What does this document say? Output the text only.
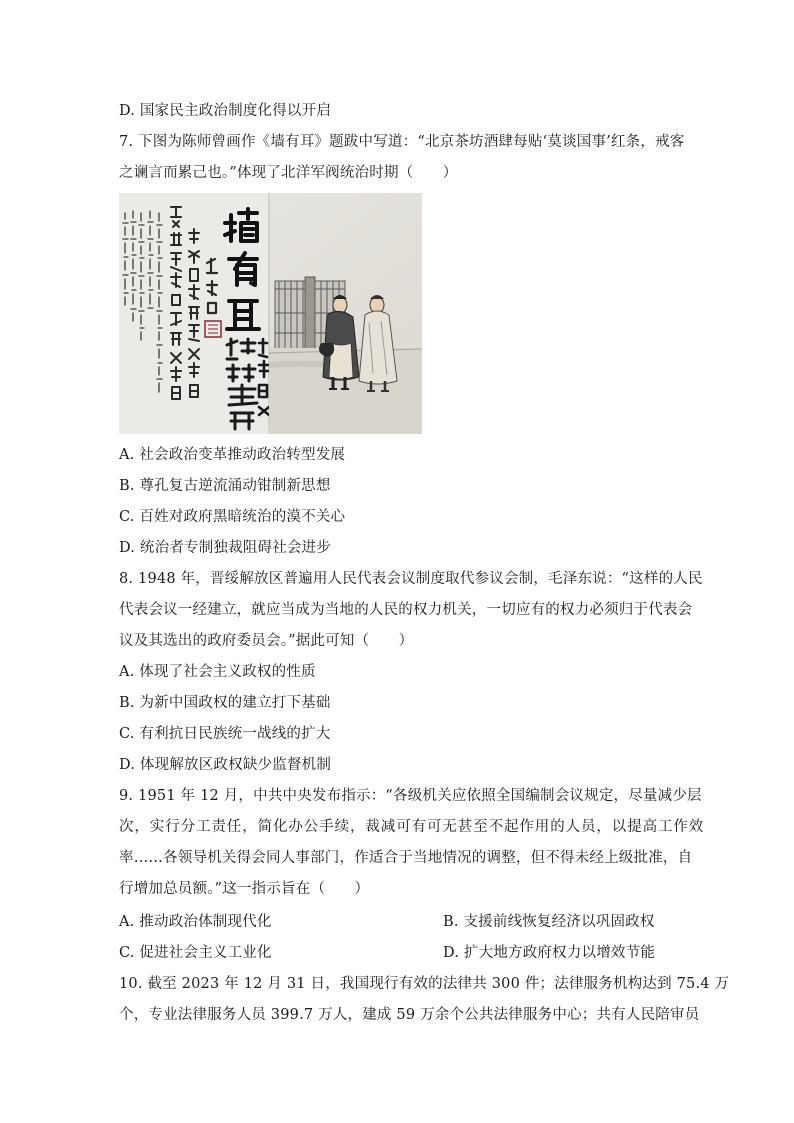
D. 国家民主政治制度化得以开启
7. 下图为陈师曾画作《墙有耳》题跋中写道：“北京茶坊酒肆每贴‘莫谈国事’红条，戒客
之谰言而累己也。”体现了北洋军阀统治时期（　　）
A. 社会政治变革推动政治转型发展
B. 尊孔复古逆流涌动钳制新思想
C. 百姓对政府黑暗统治的漠不关心
D. 统治者专制独裁阻碍社会进步
8. 1948 年，晋绥解放区普遍用人民代表会议制度取代参议会制，毛泽东说：“这样的人民
代表会议一经建立，就应当成为当地的人民的权力机关，一切应有的权力必须归于代表会
议及其选出的政府委员会。”据此可知（　　）
A. 体现了社会主义政权的性质
B. 为新中国政权的建立打下基础
C. 有利抗日民族统一战线的扩大
D. 体现解放区政权缺少监督机制
9. 1951 年 12 月，中共中央发布指示：“各级机关应依照全国编制会议规定，尽量减少层
次，实行分工责任，简化办公手续，裁减可有可无甚至不起作用的人员，以提高工作效
率……各领导机关得会同人事部门，作适合于当地情况的调整，但不得未经上级批准，自
行增加总员额。”这一指示旨在（　　）
A. 推动政治体制现代化	B. 支援前线恢复经济以巩固政权
C. 促进社会主义工业化	D. 扩大地方政府权力以增效节能
10. 截至 2023 年 12 月 31 日，我国现行有效的法律共 300 件；法律服务机构达到 75.4 万
个，专业法律服务人员 399.7 万人，建成 59 万余个公共法律服务中心；共有人民陪审员
